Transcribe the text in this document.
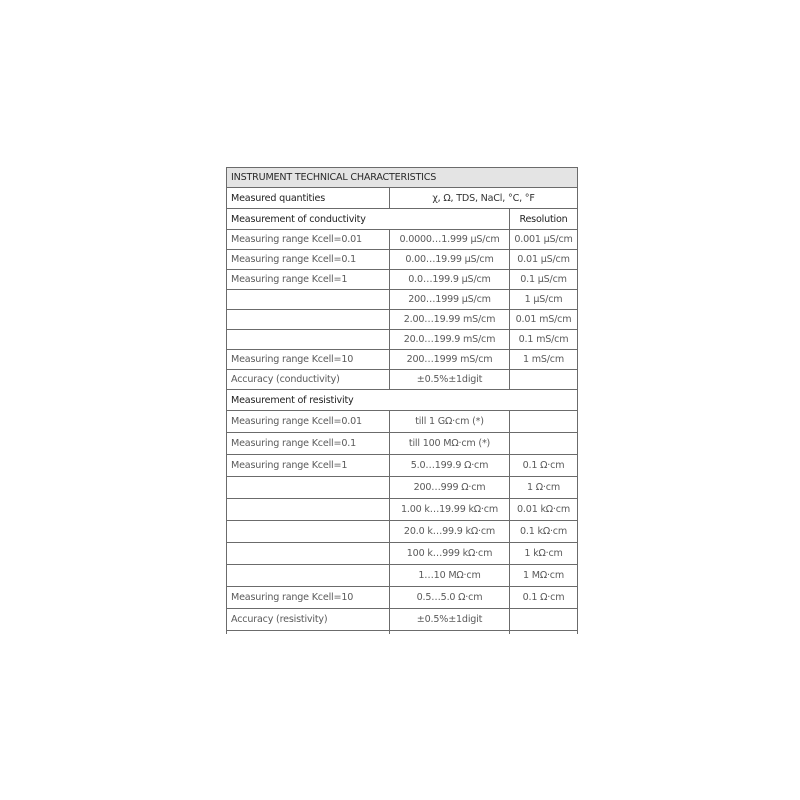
INSTRUMENT TECHNICAL CHARACTERISTICS		
Measured quantities	χ, Ω, TDS, NaCl, °C, °F	
Measurement of conductivity		Resolution
Measuring range Kcell=0.01	0.0000…1.999 µS/cm	0.001 µS/cm
Measuring range Kcell=0.1	0.00…19.99 µS/cm	0.01 µS/cm
Measuring range Kcell=1	0.0…199.9 µS/cm	0.1 µS/cm
	200…1999 µS/cm	1 µS/cm
	2.00…19.99 mS/cm	0.01 mS/cm
	20.0…199.9 mS/cm	0.1 mS/cm
Measuring range Kcell=10	200…1999 mS/cm	1 mS/cm
Accuracy (conductivity)	±0.5%±1digit	
Measurement of resistivity		
Measuring range Kcell=0.01	till 1 GΩ·cm (*)	
Measuring range Kcell=0.1	till 100 MΩ·cm (*)	
Measuring range Kcell=1	5.0…199.9 Ω·cm	0.1 Ω·cm
	200…999 Ω·cm	1 Ω·cm
	1.00 k…19.99 kΩ·cm	0.01 kΩ·cm
	20.0 k…99.9 kΩ·cm	0.1 kΩ·cm
	100 k…999 kΩ·cm	1 kΩ·cm
	1…10 MΩ·cm	1 MΩ·cm
Measuring range Kcell=10	0.5…5.0 Ω·cm	0.1 Ω·cm
Accuracy (resistivity)	±0.5%±1digit	
